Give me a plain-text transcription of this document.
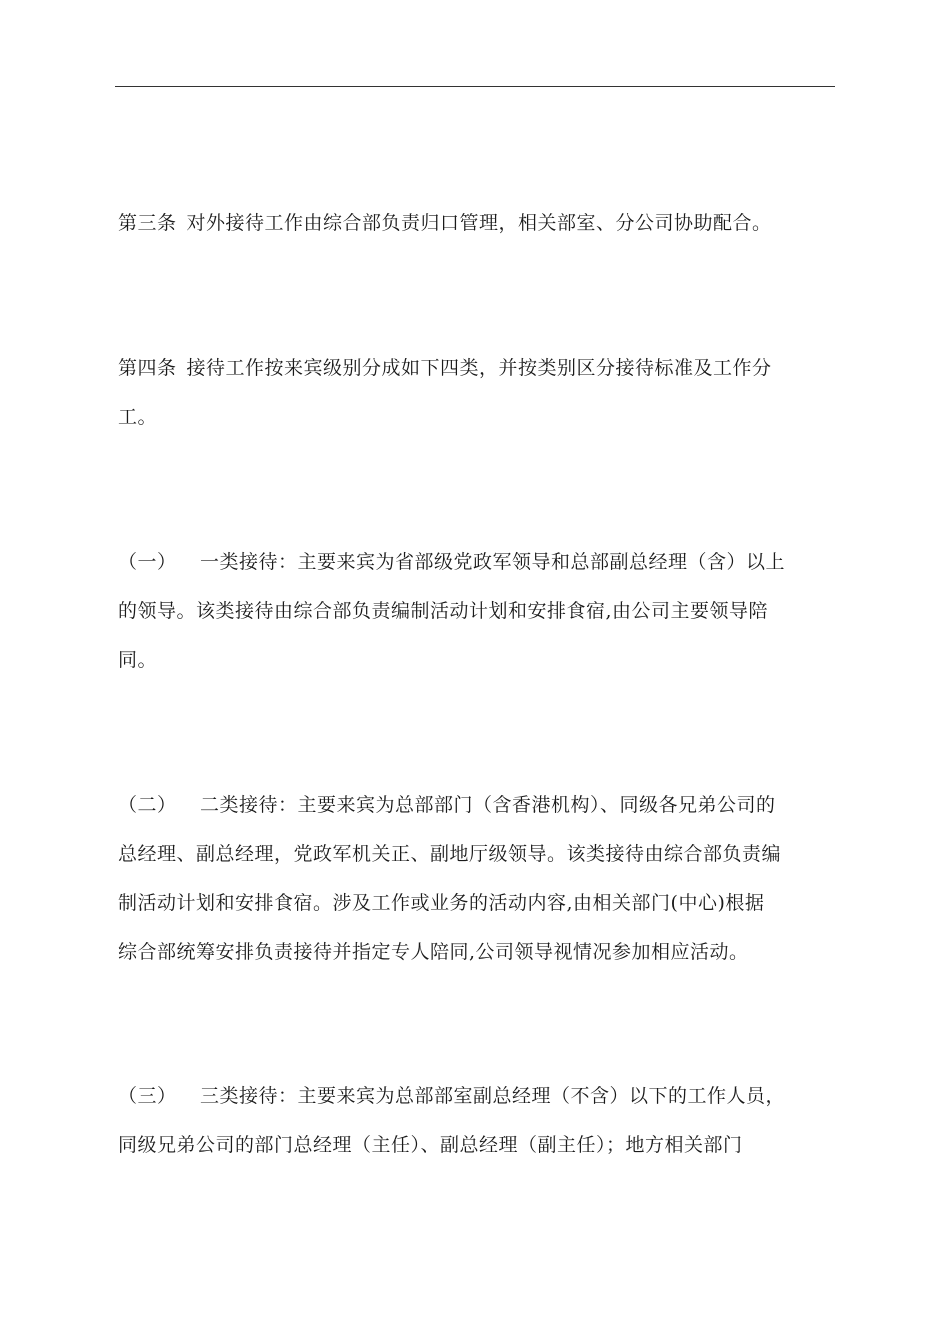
第三条 对外接待工作由综合部负责归口管理，相关部室、分公司协助配合。
第四条 接待工作按来宾级别分成如下四类，并按类别区分接待标准及工作分
工。
（一） 一类接待：主要来宾为省部级党政军领导和总部副总经理（含）以上
的领导。该类接待由综合部负责编制活动计划和安排食宿,由公司主要领导陪
同。
（二） 二类接待：主要来宾为总部部门（含香港机构）、同级各兄弟公司的
总经理、副总经理，党政军机关正、副地厅级领导。该类接待由综合部负责编
制活动计划和安排食宿。涉及工作或业务的活动内容,由相关部门(中心)根据
综合部统筹安排负责接待并指定专人陪同,公司领导视情况参加相应活动。
（三） 三类接待：主要来宾为总部部室副总经理（不含）以下的工作人员，
同级兄弟公司的部门总经理（主任）、副总经理（副主任）；地方相关部门
